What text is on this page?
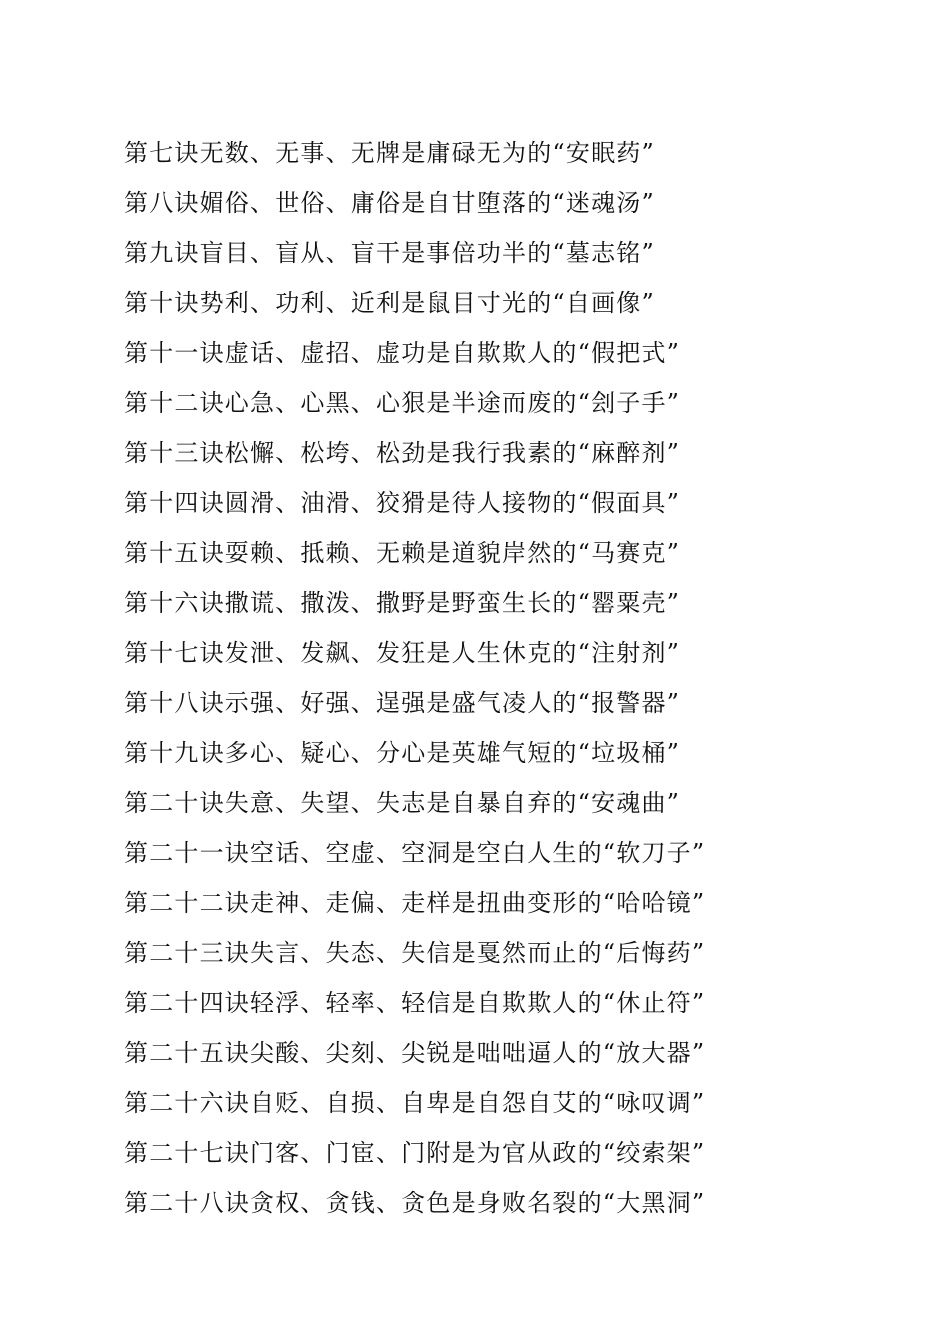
第七诀无数、无事、无牌是庸碌无为的“安眠药”
第八诀媚俗、世俗、庸俗是自甘堕落的“迷魂汤”
第九诀盲目、盲从、盲干是事倍功半的“墓志铭”
第十诀势利、功利、近利是鼠目寸光的“自画像”
第十一诀虚话、虚招、虚功是自欺欺人的“假把式”
第十二诀心急、心黑、心狠是半途而废的“刽子手”
第十三诀松懈、松垮、松劲是我行我素的“麻醉剂”
第十四诀圆滑、油滑、狡猾是待人接物的“假面具”
第十五诀耍赖、抵赖、无赖是道貌岸然的“马赛克”
第十六诀撒谎、撒泼、撒野是野蛮生长的“罂粟壳”
第十七诀发泄、发飙、发狂是人生休克的“注射剂”
第十八诀示强、好强、逞强是盛气凌人的“报警器”
第十九诀多心、疑心、分心是英雄气短的“垃圾桶”
第二十诀失意、失望、失志是自暴自弃的“安魂曲”
第二十一诀空话、空虚、空洞是空白人生的“软刀子”
第二十二诀走神、走偏、走样是扭曲变形的“哈哈镜”
第二十三诀失言、失态、失信是戛然而止的“后悔药”
第二十四诀轻浮、轻率、轻信是自欺欺人的“休止符”
第二十五诀尖酸、尖刻、尖锐是咄咄逼人的“放大器”
第二十六诀自贬、自损、自卑是自怨自艾的“咏叹调”
第二十七诀门客、门宦、门附是为官从政的“绞索架”
第二十八诀贪权、贪钱、贪色是身败名裂的“大黑洞”
